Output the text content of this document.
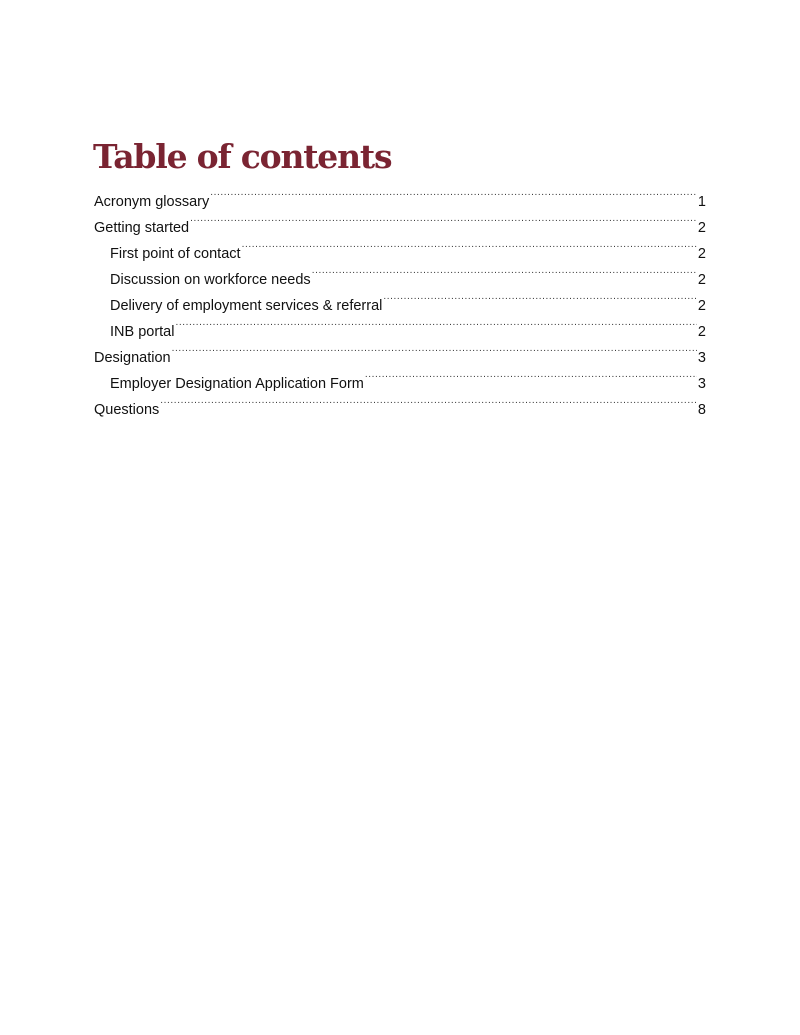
Table of contents
Acronym glossary .....	1
Getting started .....	2
First point of contact .....	2
Discussion on workforce needs .....	2
Delivery of employment services & referral .....	2
INB portal .....	2
Designation .....	3
Employer Designation Application Form .....	3
Questions .....	8
